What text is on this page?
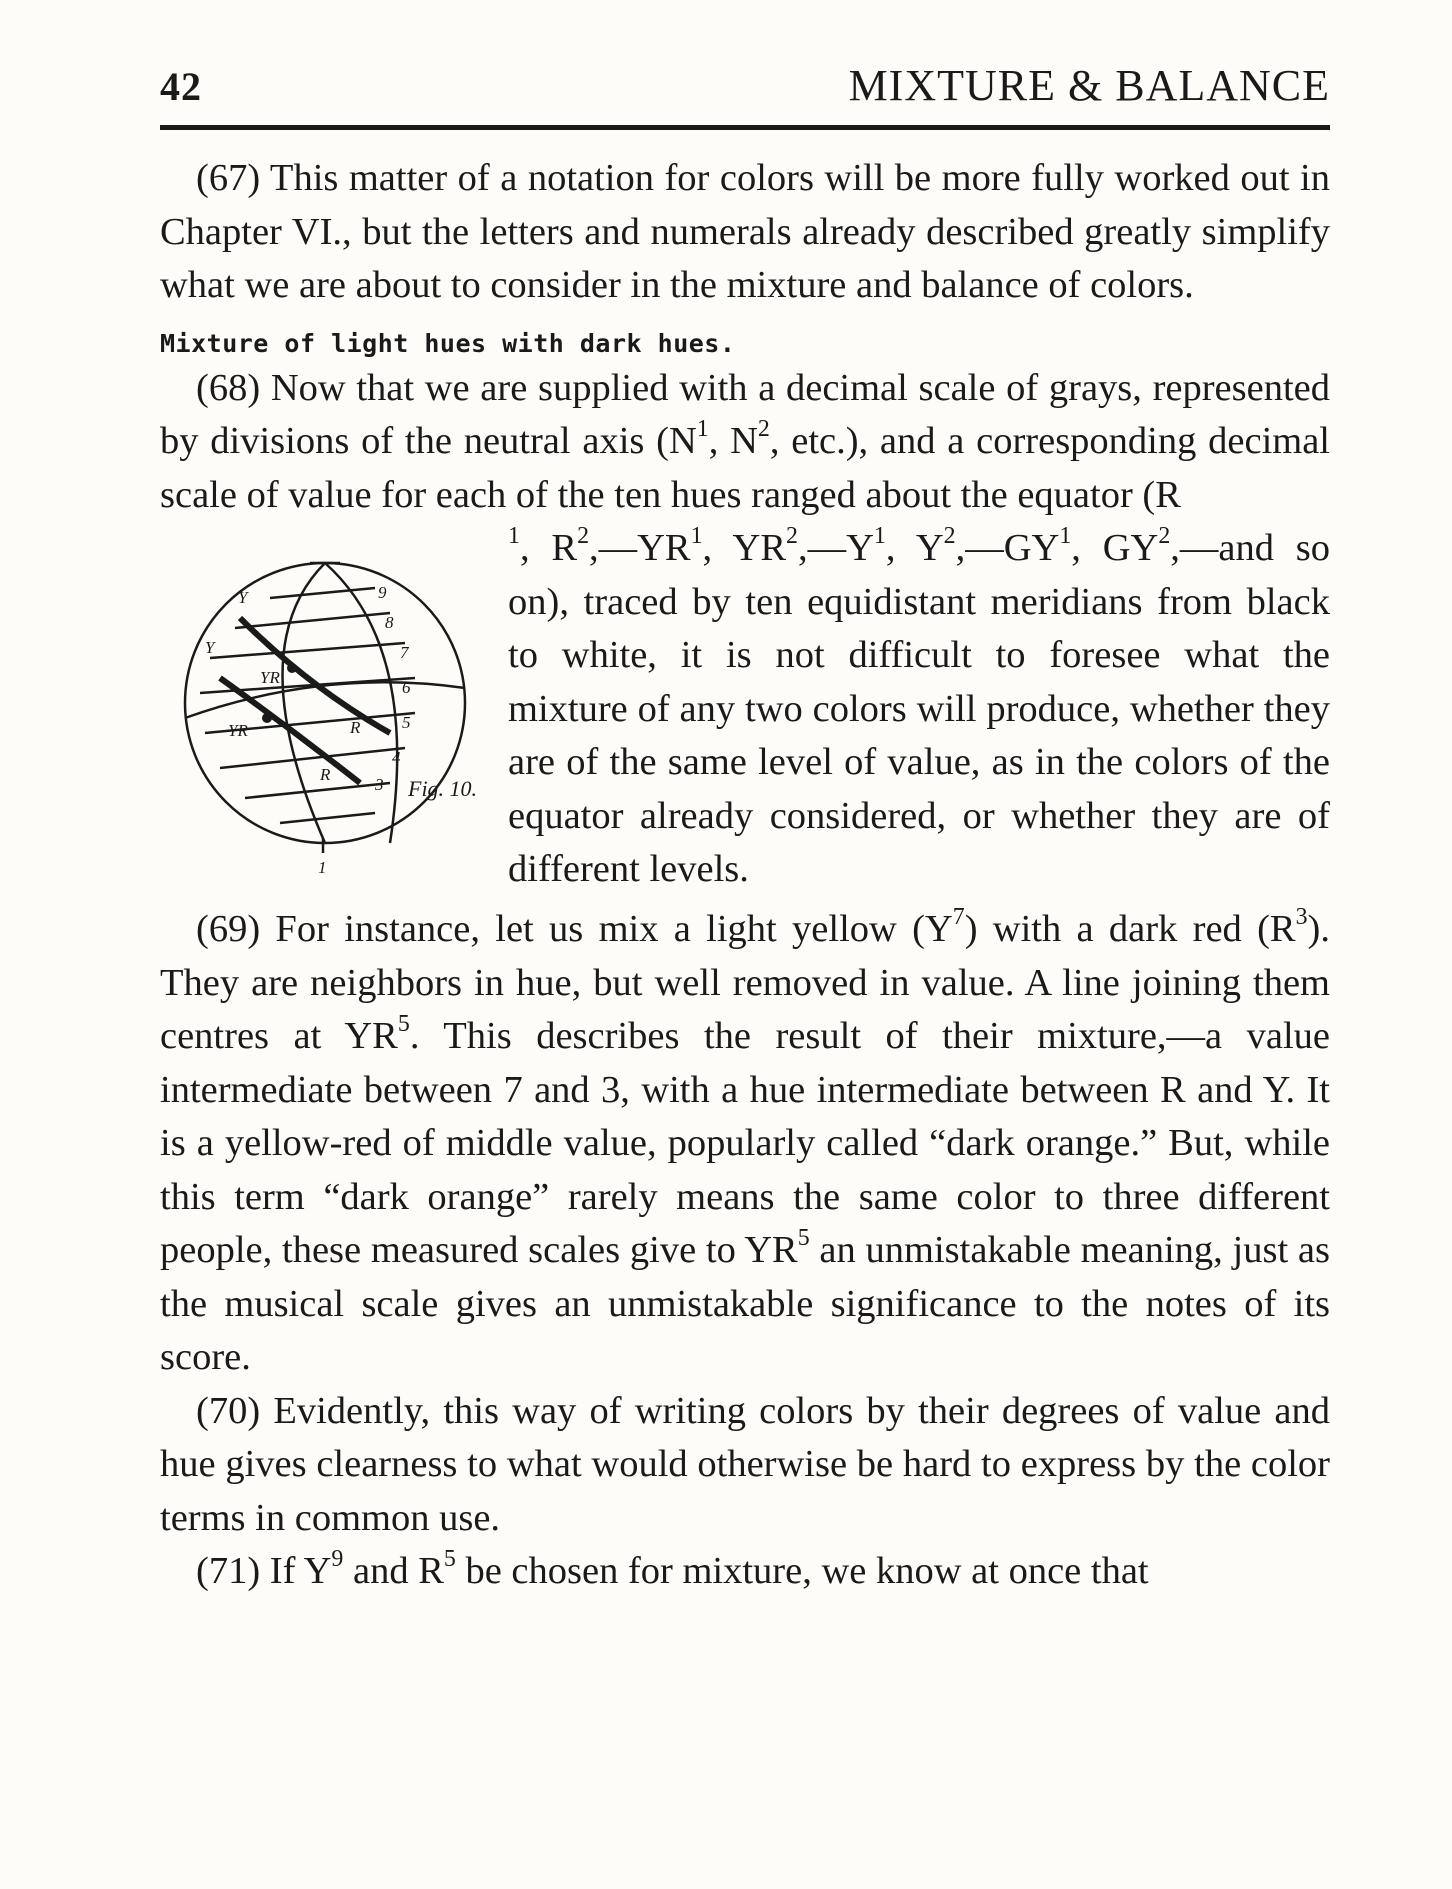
42	MIXTURE & BALANCE

(67) This matter of a notation for colors will be more fully worked out in Chapter VI., but the letters and numerals already described greatly simplify what we are about to consider in the mixture and balance of colors.

Mixture of light hues with dark hues.

(68) Now that we are supplied with a decimal scale of grays, represented by divisions of the neutral axis ($N^1$, $N^2$, etc.), and a corresponding decimal scale of value for each of the ten hues ranged about the equator (R

Y
Y
YR
YR	R
R
9
8
7
6
5
4
3
1
Fig. 10.

$^1$, $R^2,—YR^1$, $YR^2,—Y^1$, $Y^2,—GY^1$, $GY^2,—and$ so on), traced by ten equidistant meridians from black to white, it is not difficult to foresee what the mixture of any two colors will produce, whether they are of the same level of value, as in the colors of the equator already considered, or whether they are of different levels.

(69) For instance, let us mix a light yellow $(Y^7)$ with a dark red $(R^3)$. They are neighbors in hue, but well removed in value. A line joining them centres at $YR^5$. This describes the result of their mixture,—a value intermediate between 7 and 3, with a hue intermediate between R and Y. It is a yellow-red of middle value, popularly called “dark orange.” But, while this term “dark orange” rarely means the same color to three different people, these measured scales give to $YR^5$ an unmistakable meaning, just as the musical scale gives an unmistakable significance to the notes of its score.

(70) Evidently, this way of writing colors by their degrees of value and hue gives clearness to what would otherwise be hard to express by the color terms in common use.

(71) If $Y^9$ and $R^5$ be chosen for mixture, we know at once that
